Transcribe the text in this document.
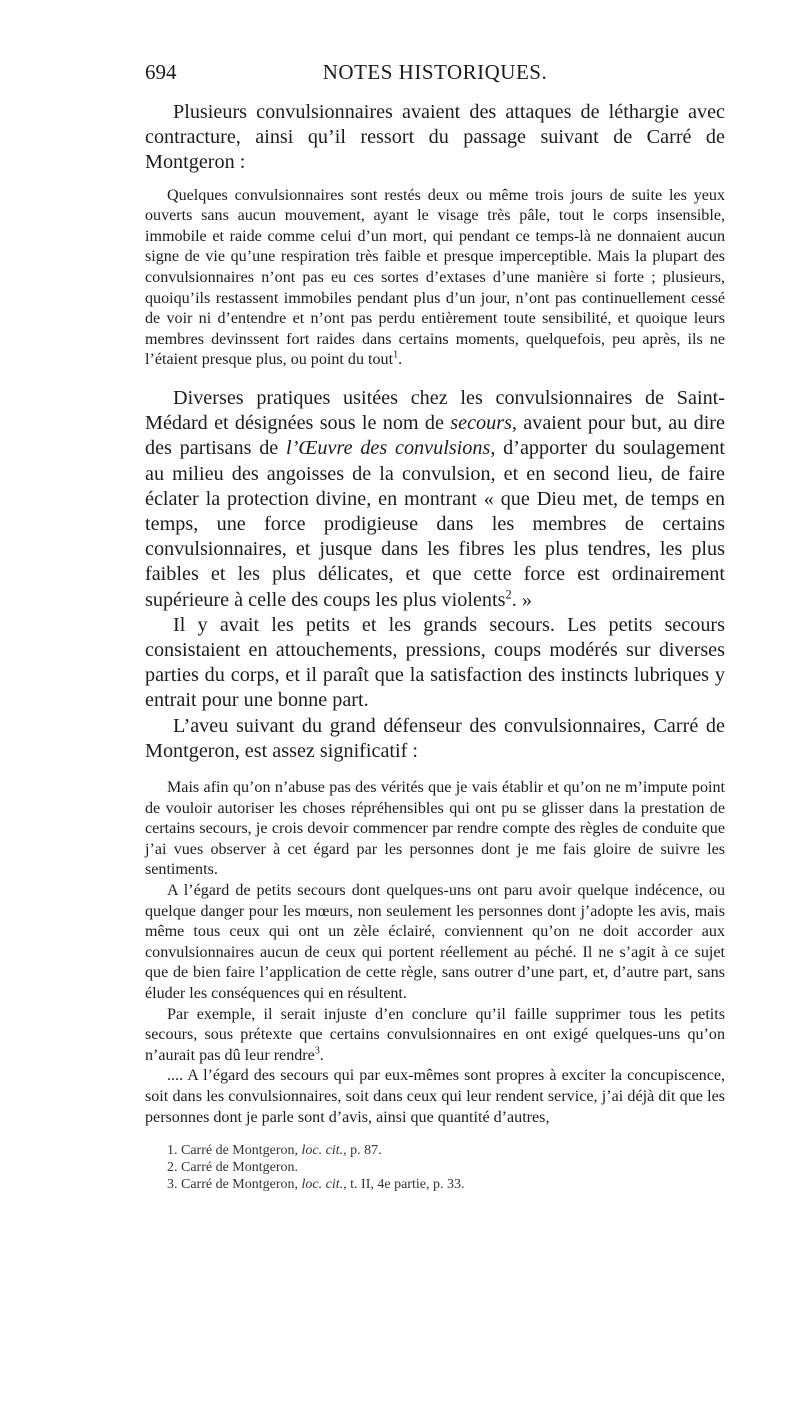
694	NOTES HISTORIQUES.

Plusieurs convulsionnaires avaient des attaques de léthargie avec contracture, ainsi qu’il ressort du passage suivant de Carré de Montgeron :

Quelques convulsionnaires sont restés deux ou même trois jours de suite les yeux ouverts sans aucun mouvement, ayant le visage très pâle, tout le corps insensible, immobile et raide comme celui d’un mort, qui pendant ce temps-là ne donnaient aucun signe de vie qu’une respiration très faible et presque imperceptible. Mais la plupart des convulsionnaires n’ont pas eu ces sortes d’extases d’une manière si forte ; plusieurs, quoiqu’ils restassent immobiles pendant plus d’un jour, n’ont pas continuellement cessé de voir ni d’entendre et n’ont pas perdu entièrement toute sensibilité, et quoique leurs membres devinssent fort raides dans certains moments, quelquefois, peu après, ils ne l’étaient presque plus, ou point du tout$^1$.

Diverses pratiques usitées chez les convulsionnaires de Saint-Médard et désignées sous le nom de secours, avaient pour but, au dire des partisans de l’Œuvre des convulsions, d’apporter du soulagement au milieu des angoisses de la convulsion, et en second lieu, de faire éclater la protection divine, en montrant « que Dieu met, de temps en temps, une force prodigieuse dans les membres de certains convulsionnaires, et jusque dans les fibres les plus tendres, les plus faibles et les plus délicates, et que cette force est ordinairement supérieure à celle des coups les plus violents$^2$. »

Il y avait les petits et les grands secours. Les petits secours consistaient en attouchements, pressions, coups modérés sur diverses parties du corps, et il paraît que la satisfaction des instincts lubriques y entrait pour une bonne part.

L’aveu suivant du grand défenseur des convulsionnaires, Carré de Montgeron, est assez significatif :

Mais afin qu’on n’abuse pas des vérités que je vais établir et qu’on ne m’impute point de vouloir autoriser les choses répréhensibles qui ont pu se glisser dans la prestation de certains secours, je crois devoir commencer par rendre compte des règles de conduite que j’ai vues observer à cet égard par les personnes dont je me fais gloire de suivre les sentiments.

A l’égard de petits secours dont quelques-uns ont paru avoir quelque indécence, ou quelque danger pour les mœurs, non seulement les personnes dont j’adopte les avis, mais même tous ceux qui ont un zèle éclairé, conviennent qu’on ne doit accorder aux convulsionnaires aucun de ceux qui portent réellement au péché. Il ne s’agit à ce sujet que de bien faire l’application de cette règle, sans outrer d’une part, et, d’autre part, sans éluder les conséquences qui en résultent.

Par exemple, il serait injuste d’en conclure qu’il faille supprimer tous les petits secours, sous prétexte que certains convulsionnaires en ont exigé quelques-uns qu’on n’aurait pas dû leur rendre$^3$.

.... A l’égard des secours qui par eux-mêmes sont propres à exciter la concupiscence, soit dans les convulsionnaires, soit dans ceux qui leur rendent service, j’ai déjà dit que les personnes dont je parle sont d’avis, ainsi que quantité d’autres,

1. Carré de Montgeron, loc. cit., p. 87.
2. Carré de Montgeron.
3. Carré de Montgeron, loc. cit., t. II, 4e partie, p. 33.
